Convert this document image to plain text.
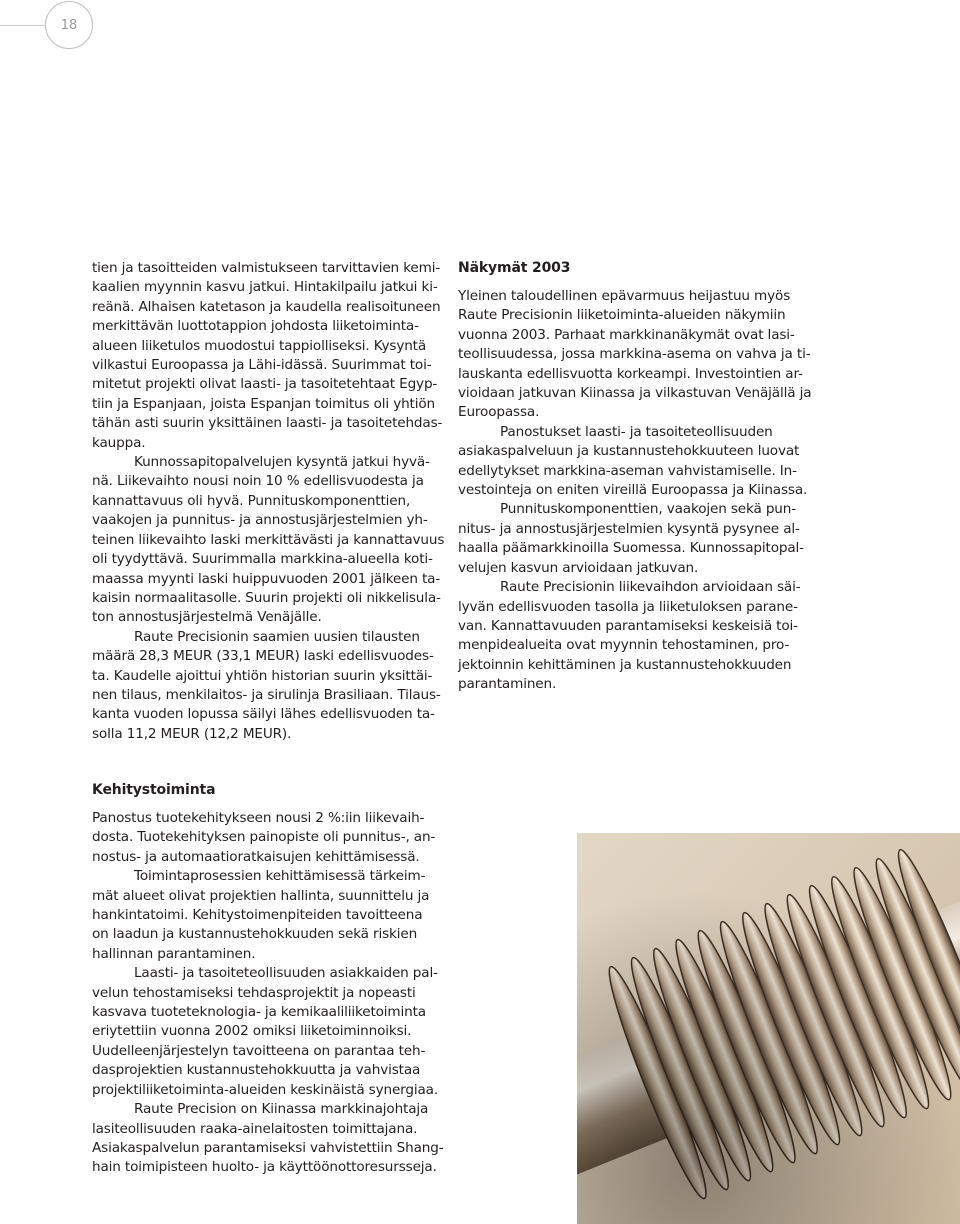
18

tien ja tasoitteiden valmistukseen tarvittavien kemi-
kaalien myynnin kasvu jatkui. Hintakilpailu jatkui ki-
reänä. Alhaisen katetason ja kaudella realisoituneen
merkittävän luottotappion johdosta liiketoiminta-
alueen liiketulos muodostui tappiolliseksi. Kysyntä
vilkastui Euroopassa ja Lähi-idässä. Suurimmat toi-
mitetut projekti olivat laasti- ja tasoitetehtaat Egyp-
tiin ja Espanjaan, joista Espanjan toimitus oli yhtiön
tähän asti suurin yksittäinen laasti- ja tasoitetehdas-
kauppa.

Kunnossapitopalvelujen kysyntä jatkui hyvä-
nä. Liikevaihto nousi noin 10 % edellisvuodesta ja
kannattavuus oli hyvä. Punnituskomponenttien,
vaakojen ja punnitus- ja annostusjärjestelmien yh-
teinen liikevaihto laski merkittävästi ja kannattavuus
oli tyydyttävä. Suurimmalla markkina-alueella koti-
maassa myynti laski huippuvuoden 2001 jälkeen ta-
kaisin normaalitasolle. Suurin projekti oli nikkelisula-
ton annostusjärjestelmä Venäjälle.

Raute Precisionin saamien uusien tilausten
määrä 28,3 MEUR (33,1 MEUR) laski edellisvuodes-
ta. Kaudelle ajoittui yhtiön historian suurin yksittäi-
nen tilaus, menkilaitos- ja sirulinja Brasiliaan. Tilaus-
kanta vuoden lopussa säilyi lähes edellisvuoden ta-
solla 11,2 MEUR (12,2 MEUR).

Näkymät 2003

Yleinen taloudellinen epävarmuus heijastuu myös
Raute Precisionin liiketoiminta-alueiden näkymiin
vuonna 2003. Parhaat markkinanäkymät ovat lasi-
teollisuudessa, jossa markkina-asema on vahva ja ti-
lauskanta edellisvuotta korkeampi. Investointien ar-
vioidaan jatkuvan Kiinassa ja vilkastuvan Venäjällä ja
Euroopassa.

Panostukset laasti- ja tasoiteteollisuuden
asiakaspalveluun ja kustannustehokkuuteen luovat
edellytykset markkina-aseman vahvistamiselle. In-
vestointeja on eniten vireillä Euroopassa ja Kiinassa.

Punnituskomponenttien, vaakojen sekä pun-
nitus- ja annostusjärjestelmien kysyntä pysynee al-
haalla päämarkkinoilla Suomessa. Kunnossapitopal-
velujen kasvun arvioidaan jatkuvan.

Raute Precisionin liikevaihdon arvioidaan säi-
lyvän edellisvuoden tasolla ja liiketuloksen parane-
van. Kannattavuuden parantamiseksi keskeisiä toi-
menpidealueita ovat myynnin tehostaminen, pro-
jektoinnin kehittäminen ja kustannustehokkuuden
parantaminen.

Kehitystoiminta

Panostus tuotekehitykseen nousi 2 %:iin liikevaih-
dosta. Tuotekehityksen painopiste oli punnitus-, an-
nostus- ja automaatioratkaisujen kehittämisessä.

Toimintaprosessien kehittämisessä tärkeim-
mät alueet olivat projektien hallinta, suunnittelu ja
hankintatoimi. Kehitystoimenpiteiden tavoitteena
on laadun ja kustannustehokkuuden sekä riskien
hallinnan parantaminen.

Laasti- ja tasoiteteollisuuden asiakkaiden pal-
velun tehostamiseksi tehdasprojektit ja nopeasti
kasvava tuoteteknologia- ja kemikaaliliiketoiminta
eriytettiin vuonna 2002 omiksi liiketoiminnoiksi.
Uudelleenjärjestelyn tavoitteena on parantaa teh-
dasprojektien kustannustehokkuutta ja vahvistaa
projektiliiketoiminta-alueiden keskinäistä synergiaa.

Raute Precision on Kiinassa markkinajohtaja
lasiteollisuuden raaka-ainelaitosten toimittajana.
Asiakaspalvelun parantamiseksi vahvistettiin Shang-
hain toimipisteen huolto- ja käyttöönottoresursseja.
